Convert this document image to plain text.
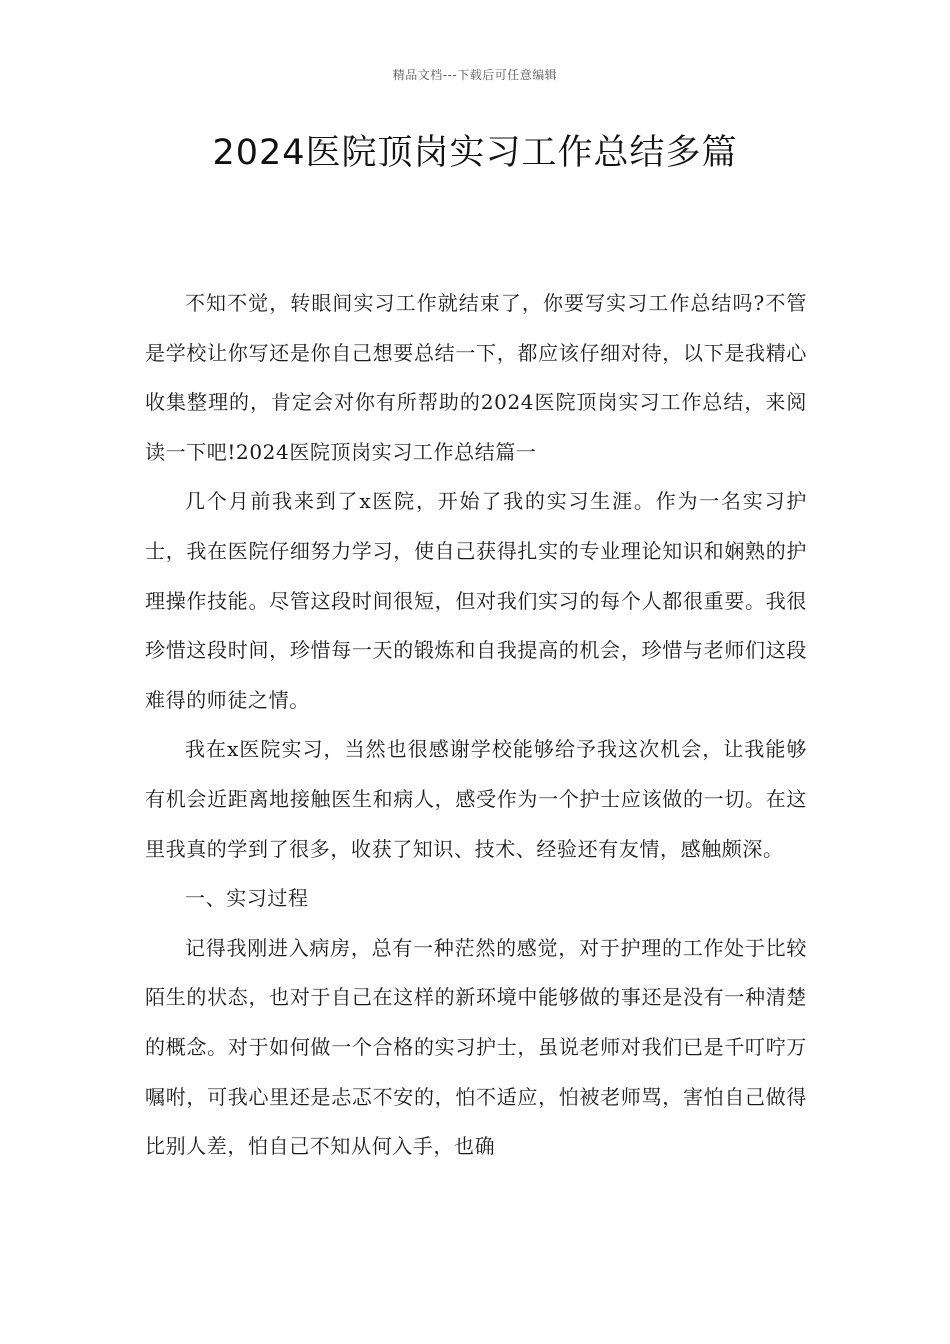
精品文档---下载后可任意编辑
2024医院顶岗实习工作总结多篇

不知不觉，转眼间实习工作就结束了，你要写实习工作总结吗?不管是学校让你写还是你自己想要总结一下，都应该仔细对待，以下是我精心收集整理的，肯定会对你有所帮助的2024医院顶岗实习工作总结，来阅读一下吧!2024医院顶岗实习工作总结篇一

几个月前我来到了x医院，开始了我的实习生涯。作为一名实习护士，我在医院仔细努力学习，使自己获得扎实的专业理论知识和娴熟的护理操作技能。尽管这段时间很短，但对我们实习的每个人都很重要。我很珍惜这段时间，珍惜每一天的锻炼和自我提高的机会，珍惜与老师们这段难得的师徒之情。

我在x医院实习，当然也很感谢学校能够给予我这次机会，让我能够有机会近距离地接触医生和病人，感受作为一个护士应该做的一切。在这里我真的学到了很多，收获了知识、技术、经验还有友情，感触颇深。

一、实习过程

记得我刚进入病房，总有一种茫然的感觉，对于护理的工作处于比较陌生的状态，也对于自己在这样的新环境中能够做的事还是没有一种清楚的概念。对于如何做一个合格的实习护士，虽说老师对我们已是千叮咛万嘱咐，可我心里还是忐忑不安的，怕不适应，怕被老师骂，害怕自己做得比别人差，怕自己不知从何入手，也确
